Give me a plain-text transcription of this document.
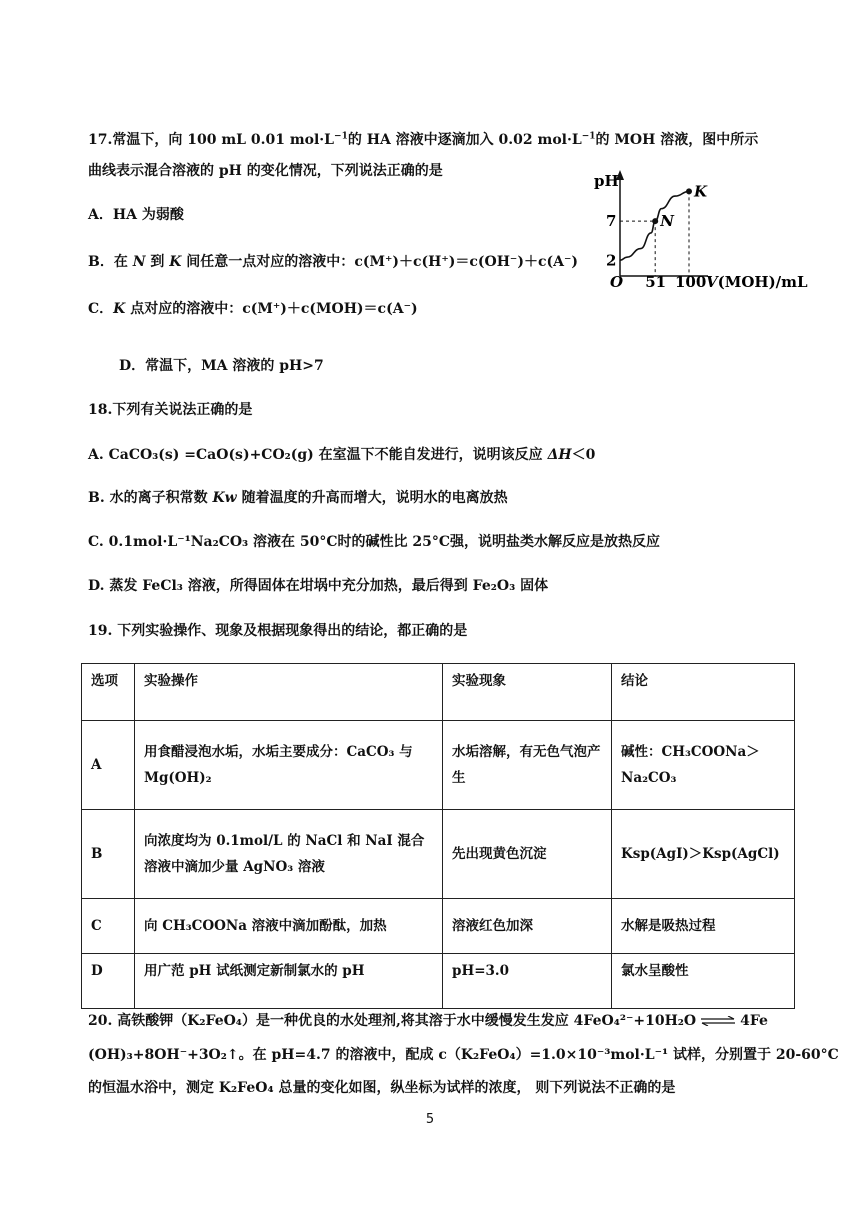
17.常温下，向 100 mL 0.01 $mol\cdot L^{-1}$的 HA 溶液中逐滴加入 0.02 $mol\cdot L^{-1}$的 MOH 溶液，图中所示
曲线表示混合溶液的 pH 的变化情况，下列说法正确的是
A．HA 为弱酸
B．在 N 到 K 间任意一点对应的溶液中：c(M⁺)＋c(H⁺)＝c(OH⁻)＋c(A⁻)
C．K 点对应的溶液中：c(M⁺)＋c(MOH)＝c(A⁻)
D．常温下，MA 溶液的 pH>7
pH
O	V(MOH)/mL
N
K
7
2
51 100
18.下列有关说法正确的是
A. CaCO₃(s) =CaO(s)+CO₂(g) 在室温下不能自发进行，说明该反应 ΔH＜0
B. 水的离子积常数 Kw 随着温度的升高而增大，说明水的电离放热
C. 0.1mol·L⁻¹Na₂CO₃ 溶液在 50°C时的碱性比 25°C强，说明盐类水解反应是放热反应
D. 蒸发 FeCl₃ 溶液，所得固体在坩埚中充分加热，最后得到 Fe₂O₃ 固体
19. 下列实验操作、现象及根据现象得出的结论，都正确的是
选项	实验操作	实验现象	结论
A	用食醋浸泡水垢，水垢主要成分：CaCO₃ 与 Mg(OH)₂	水垢溶解，有无色气泡产生	碱性：CH₃COONa＞Na₂CO₃
B	向浓度均为 0.1mol/L 的 NaCl 和 NaI 混合溶液中滴加少量 AgNO₃ 溶液	先出现黄色沉淀	Ksp(AgI)＞Ksp(AgCl)
C	向 CH₃COONa 溶液中滴加酚酞，加热	溶液红色加深	水解是吸热过程
D	用广范 pH 试纸测定新制氯水的 pH	pH=3.0	氯水呈酸性
20. 高铁酸钾（K₂FeO₄）是一种优良的水处理剂,将其溶于水中缓慢发生发应 4FeO₄²⁻+10H₂O ⇌ 4Fe
(OH)₃+8OH⁻+3O₂↑。在 pH=4.7 的溶液中，配成 c（K₂FeO₄）=1.0×10⁻³mol·L⁻¹ 试样，分别置于 20-60°C
的恒温水浴中，测定 K₂FeO₄ 总量的变化如图，纵坐标为试样的浓度， 则下列说法不正确的是
5
